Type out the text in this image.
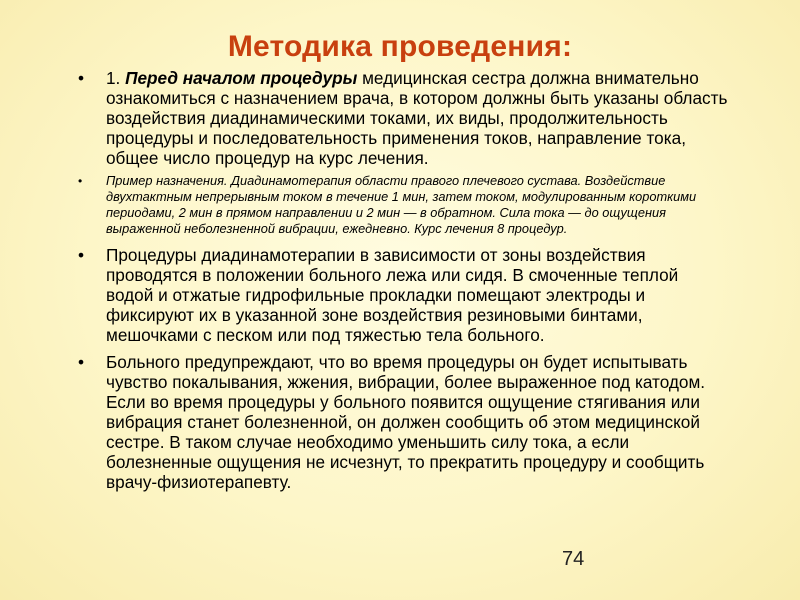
Методика проведения:
• 1. Перед началом процедуры медицинская сестра должна внимательно ознакомиться с назначением врача, в котором должны быть указаны область воздействия диадинамическими токами, их виды, продолжительность процедуры и последовательность применения токов, направление тока, общее число процедур на курс лечения.
• Пример назначения. Диадинамотерапия области правого плечевого сустава. Воздействие двухтактным непрерывным током в течение 1 мин, затем током, модулированным короткими периодами, 2 мин в прямом направлении и 2 мин — в обратном. Сила тока — до ощущения выраженной неболезненной вибрации, ежедневно. Курс лечения 8 процедур.
• Процедуры диадинамотерапии в зависимости от зоны воздействия проводятся в положении больного лежа или сидя. В смоченные теплой водой и отжатые гидрофильные прокладки помещают электроды и фиксируют их в указанной зоне воздействия резиновыми бинтами, мешочками с песком или под тяжестью тела больного.
• Больного предупреждают, что во время процедуры он будет испытывать чувство покалывания, жжения, вибрации, более выраженное под катодом. Если во время процедуры у больного появится ощущение стягивания или вибрация станет болезненной, он должен сообщить об этом медицинской сестре. В таком случае необходимо уменьшить силу тока, а если болезненные ощущения не исчезнут, то прекратить процедуру и сообщить врачу-физиотерапевту.
74
